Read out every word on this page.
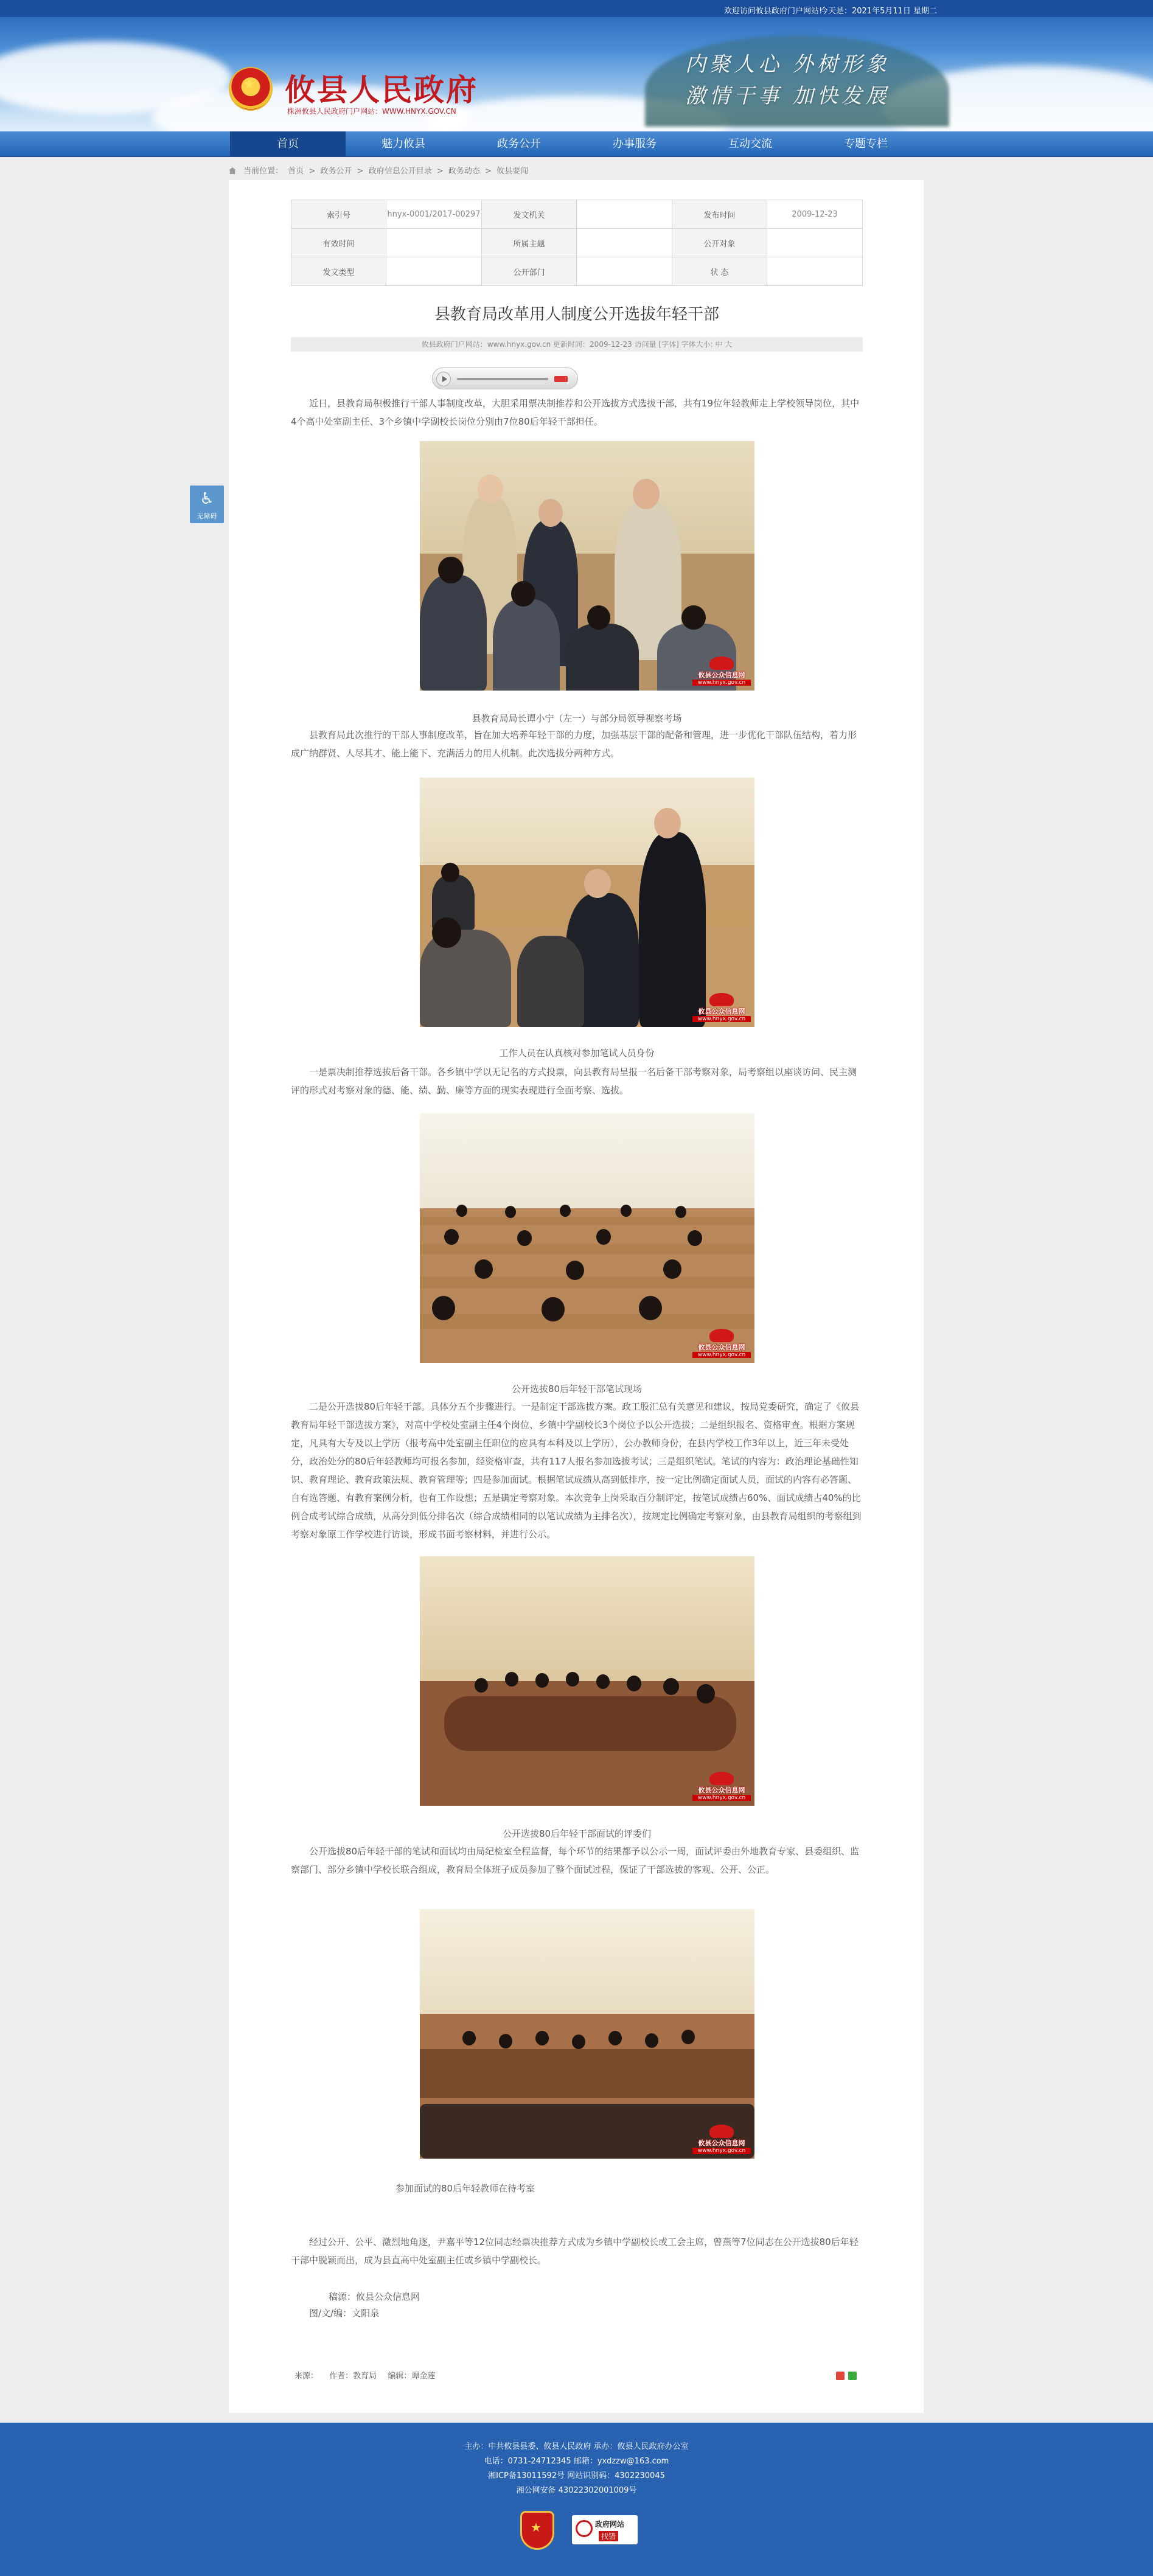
欢迎访问攸县政府门户网站!
今天是：2021年5月11日 星期二
★
攸县人民政府
株洲攸县人民政府门户网站：WWW.HNYX.GOV.CN
内聚人心 外树形象
激情干事 加快发展
首页	魅力攸县	政务公开	办事服务	互动交流	专题专栏
当前位置： 首页 > 政务公开 > 政府信息公开目录 > 政务动态 > 攸县要闻
♿
无障碍
索引号	hnyx-0001/2017-00297	发文机关		发布时间	2009-12-23
有效时间		所属主题		公开对象	
发文类型		公开部门		状 态	
县教育局改革用人制度公开选拔年轻干部
攸县政府门户网站：www.hnyx.gov.cn 更新时间：2009-12-23 访问量 [字体] 字体大小: 中 大
近日，县教育局积极推行干部人事制度改革，大胆采用票决制推荐和公开选拔方式选拔干部，共有19位年轻教师走上学校领导岗位，其中4个高中处室副主任、3个乡镇中学副校长岗位分别由7位80后年轻干部担任。
攸县公众信息网
www.hnyx.gov.cn
县教育局局长谭小宁（左一）与部分局领导视察考场
县教育局此次推行的干部人事制度改革，旨在加大培养年轻干部的力度，加强基层干部的配备和管理，进一步优化干部队伍结构，着力形成广纳群贤、人尽其才、能上能下、充满活力的用人机制。此次选拔分两种方式。
攸县公众信息网
www.hnyx.gov.cn
工作人员在认真核对参加笔试人员身份
一是票决制推荐选拔后备干部。各乡镇中学以无记名的方式投票，向县教育局呈报一名后备干部考察对象，局考察组以座谈访问、民主测评的形式对考察对象的德、能、绩、勤、廉等方面的现实表现进行全面考察、选拔。
攸县公众信息网
www.hnyx.gov.cn
公开选拔80后年轻干部笔试现场
二是公开选拔80后年轻干部。具体分五个步骤进行。一是制定干部选拔方案。政工股汇总有关意见和建议，按局党委研究，确定了《攸县教育局年轻干部选拔方案》，对高中学校处室副主任4个岗位、乡镇中学副校长3个岗位予以公开选拔；二是组织报名、资格审查。根据方案规定，凡具有大专及以上学历（报考高中处室副主任职位的应具有本科及以上学历），公办教师身份，在县内学校工作3年以上，近三年未受处分，政治处分的80后年轻教师均可报名参加，经资格审查，共有117人报名参加选拔考试；三是组织笔试。笔试的内容为：政治理论基础性知识、教育理论、教育政策法规、教育管理等；四是参加面试。根据笔试成绩从高到低排序，按一定比例确定面试人员，面试的内容有必答题、自有选答题、有教育案例分析，也有工作设想；五是确定考察对象。本次竞争上岗采取百分制评定，按笔试成绩占60%、面试成绩占40%的比例合成考试综合成绩，从高分到低分排名次（综合成绩相同的以笔试成绩为主排名次），按规定比例确定考察对象，由县教育局组织的考察组到考察对象原工作学校进行访谈，形成书面考察材料，并进行公示。
攸县公众信息网
www.hnyx.gov.cn
公开选拔80后年轻干部面试的评委们
公开选拔80后年轻干部的笔试和面试均由局纪检室全程监督，每个环节的结果都予以公示一周，面试评委由外地教育专家、县委组织、监察部门、部分乡镇中学校长联合组成，教育局全体班子成员参加了整个面试过程，保证了干部选拔的客观、公开、公正。
攸县公众信息网
www.hnyx.gov.cn
参加面试的80后年轻教师在待考室
经过公开、公平、激烈地角逐，尹嘉平等12位同志经票决推荐方式成为乡镇中学副校长或工会主席，曾燕等7位同志在公开选拔80后年轻干部中脱颖而出，成为县直高中处室副主任或乡镇中学副校长。
稿源：攸县公众信息网
图/文/编：文阳泉
来源： 作者：教育局 编辑：谭金莲
主办：中共攸县县委、攸县人民政府 承办：攸县人民政府办公室
电话：0731-24712345 邮箱：yxdzzw@163.com
湘ICP备13011592号 网站识别码：4302230045
湘公网安备 43022302001009号
★
政府网站
找错
